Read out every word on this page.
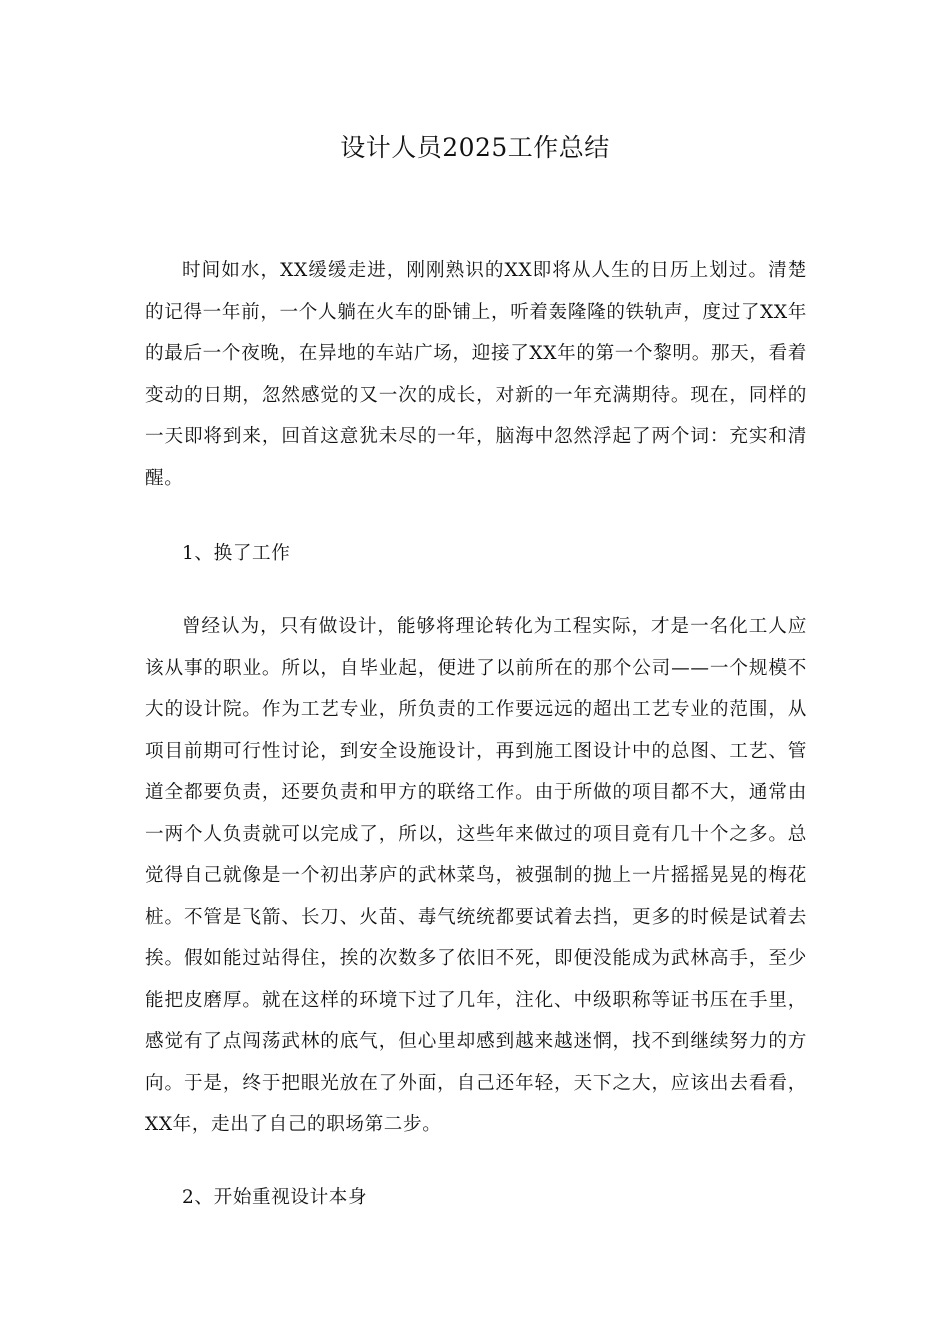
设计人员2025工作总结

时间如水，XX缓缓走进，刚刚熟识的XX即将从人生的日历上划过。清楚的记得一年前，一个人躺在火车的卧铺上，听着轰隆隆的铁轨声，度过了XX年的最后一个夜晚，在异地的车站广场，迎接了XX年的第一个黎明。那天，看着变动的日期，忽然感觉的又一次的成长，对新的一年充满期待。现在，同样的一天即将到来，回首这意犹未尽的一年，脑海中忽然浮起了两个词：充实和清醒。

1、换了工作

曾经认为，只有做设计，能够将理论转化为工程实际，才是一名化工人应该从事的职业。所以，自毕业起，便进了以前所在的那个公司——一个规模不大的设计院。作为工艺专业，所负责的工作要远远的超出工艺专业的范围，从项目前期可行性讨论，到安全设施设计，再到施工图设计中的总图、工艺、管道全都要负责，还要负责和甲方的联络工作。由于所做的项目都不大，通常由一两个人负责就可以完成了，所以，这些年来做过的项目竟有几十个之多。总觉得自己就像是一个初出茅庐的武林菜鸟，被强制的抛上一片摇摇晃晃的梅花桩。不管是飞箭、长刀、火苗、毒气统统都要试着去挡，更多的时候是试着去挨。假如能过站得住，挨的次数多了依旧不死，即便没能成为武林高手，至少能把皮磨厚。就在这样的环境下过了几年，注化、中级职称等证书压在手里，感觉有了点闯荡武林的底气，但心里却感到越来越迷惘，找不到继续努力的方向。于是，终于把眼光放在了外面，自己还年轻，天下之大，应该出去看看，XX年，走出了自己的职场第二步。

2、开始重视设计本身
